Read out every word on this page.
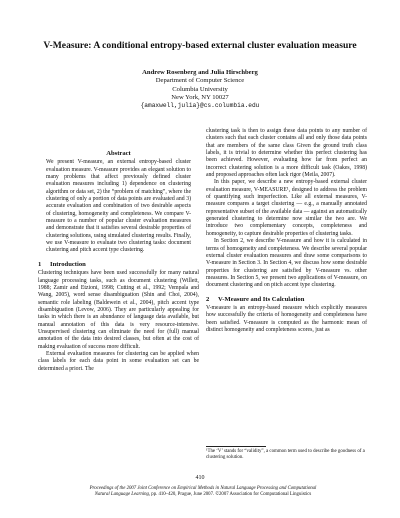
V-Measure: A conditional entropy-based external cluster evaluation measure
Andrew Rosenberg and Julia Hirschberg
Department of Computer Science
Columbia University
New York, NY 10027
{amaxwell,julia}@cs.columbia.edu
Abstract
We present V-measure, an external entropy-based cluster evaluation measure. V-measure provides an elegant solution to many problems that affect previously defined cluster evaluation measures including 1) dependence on clustering algorithm or data set, 2) the “problem of matching”, where the clustering of only a portion of data points are evaluated and 3) accurate evaluation and combination of two desirable aspects of clustering, homogeneity and completeness. We compare V-measure to a number of popular cluster evaluation measures and demonstrate that it satisfies several desirable properties of clustering solutions, using simulated clustering results. Finally, we use V-measure to evaluate two clustering tasks: document clustering and pitch accent type clustering.
1 Introduction

Clustering techniques have been used successfully for many natural language processing tasks, such as document clustering (Willett, 1988; Zamir and Etzioni, 1998; Cutting et al., 1992; Vempala and Wang, 2005), word sense disambiguation (Shin and Choi, 2004), semantic role labeling (Baldewein et al., 2004), pitch accent type disambiguation (Levow, 2006). They are particularly appealing for tasks in which there is an abundance of language data available, but manual annotation of this data is very resource-intensive. Unsupervised clustering can eliminate the need for (full) manual annotation of the data into desired classes, but often at the cost of making evaluation of success more difficult.

External evaluation measures for clustering can be applied when class labels for each data point in some evaluation set can be determined a priori. The

clustering task is then to assign these data points to any number of clusters such that each cluster contains all and only those data points that are members of the same class Given the ground truth class labels, it is trivial to determine whether this perfect clustering has been achieved. However, evaluating how far from perfect an incorrect clustering solution is a more difficult task (Oakes, 1998) and proposed approaches often lack rigor (Meila, 2007).

In this paper, we describe a new entropy-based external cluster evaluation measure, V-MEASURE¹, designed to address the problem of quantifying such imperfection. Like all external measures, V-measure compares a target clustering — e.g., a manually annotated representative subset of the available data — against an automatically generated clustering to determine now similar the two are. We introduce two complementary concepts, completeness and homogeneity, to capture desirable properties of clustering tasks.

In Section 2, we describe V-measure and how it is calculated in terms of homogeneity and completeness. We describe several popular external cluster evaluation measures and draw some comparisons to V-measure in Section 3. In Section 4, we discuss how some desirable properties for clustering are satisfied by V-measure vs. other measures. In Section 5, we present two applications of V-measure, on document clustering and on pitch accent type clustering.

2 V-Measure and Its Calculation

V-measure is an entropy-based measure which explicitly measures how successfully the criteria of homogeneity and completeness have been satisfied. V-measure is computed as the harmonic mean of distinct homogeneity and completeness scores, just as

¹The ‘V’ stands for “validity”, a common term used to describe the goodness of a clustering solution.
410
Proceedings of the 2007 Joint Conference on Empirical Methods in Natural Language Processing and Computational
Natural Language Learning, pp. 410–420, Prague, June 2007. ©2007 Association for Computational Linguistics
